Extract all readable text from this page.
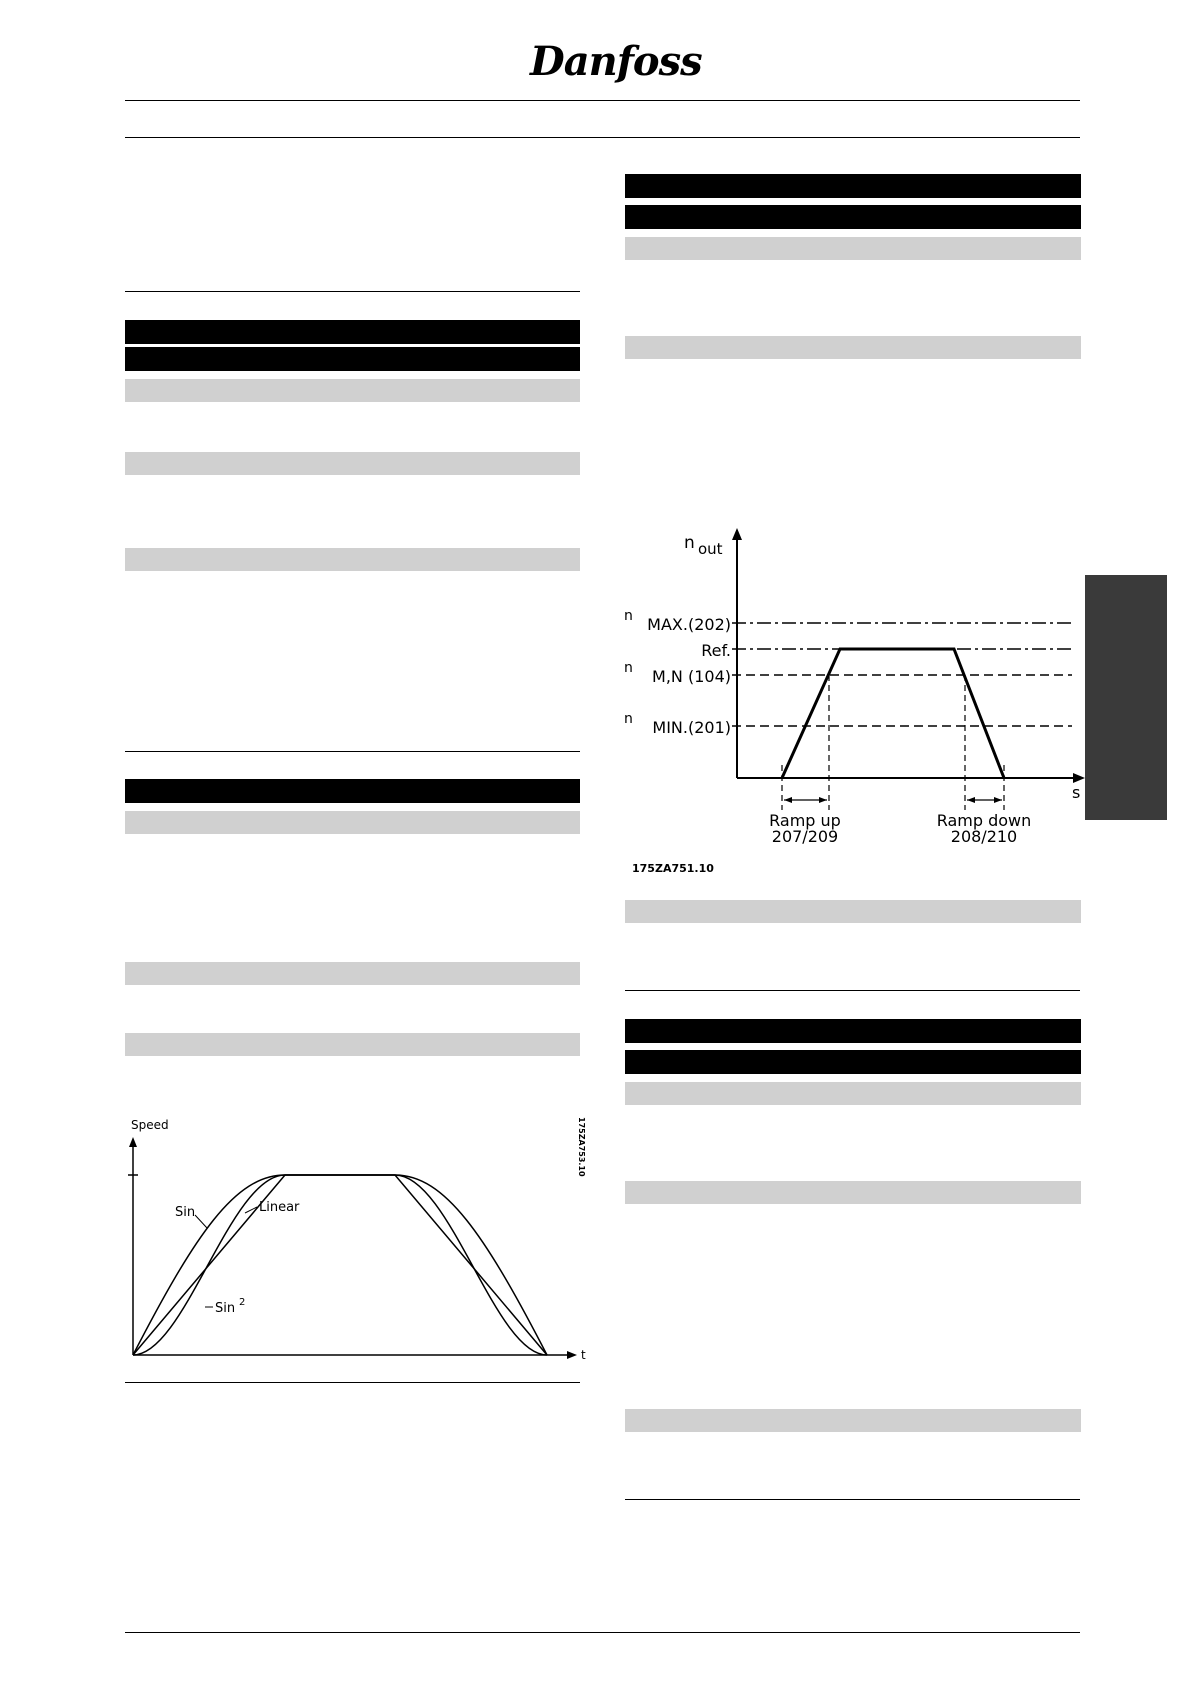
Danfoss
n out
n MAX.(202)
Ref.
n M,N (104)
n MIN.(201)
s
Ramp up
207/209
Ramp down
208/210
175ZA751.10
Speed
t
Sin	Linear
Sin 2
175ZA753.10
